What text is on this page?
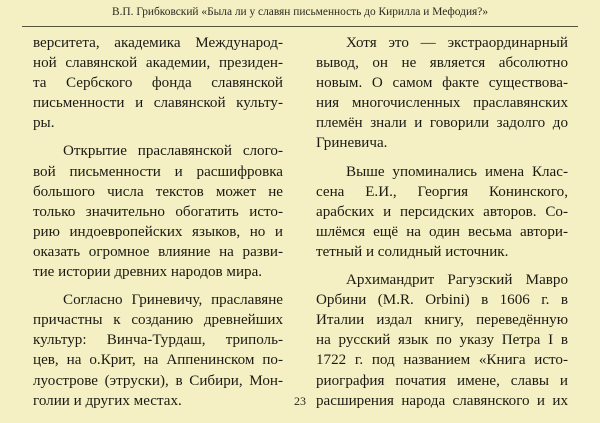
В.П. Грибковский «Была ли у славян письменность до Кирилла и Мефодия?»
верситета, академика Международ-
ной славянской академии, президен-
та Сербского фонда славянской
письменности и славянской культу-
ры.
Открытие праславянской слого-
вой письменности и расшифровка
большого числа текстов может не
только значительно обогатить исто-
рию индоевропейских языков, но и
оказать огромное влияние на разви-
тие истории древних народов мира.
Согласно Гриневичу, праславяне
причастны к созданию древнейших
культур: Винча-Турдаш, триполь-
цев, на о.Крит, на Аппенинском по-
луострове (этруски), в Сибири, Мон-
голии и других местах.
Хотя это — экстраординарный
вывод, он не является абсолютно
новым. О самом факте существова-
ния многочисленных праславянских
племён знали и говорили задолго до
Гриневича.
Выше упоминались имена Клас-
сена Е.И., Георгия Конинского,
арабских и персидских авторов. Со-
шлёмся ещё на один весьма автори-
тетный и солидный источник.
Архимандрит Рагузский Мавро
Орбини (M.R. Orbini) в 1606 г. в
Италии издал книгу, переведённую
на русский язык по указу Петра I в
1722 г. под названием «Книга исто-
риография початия имене, славы и
расширения народа славянского и их
23
